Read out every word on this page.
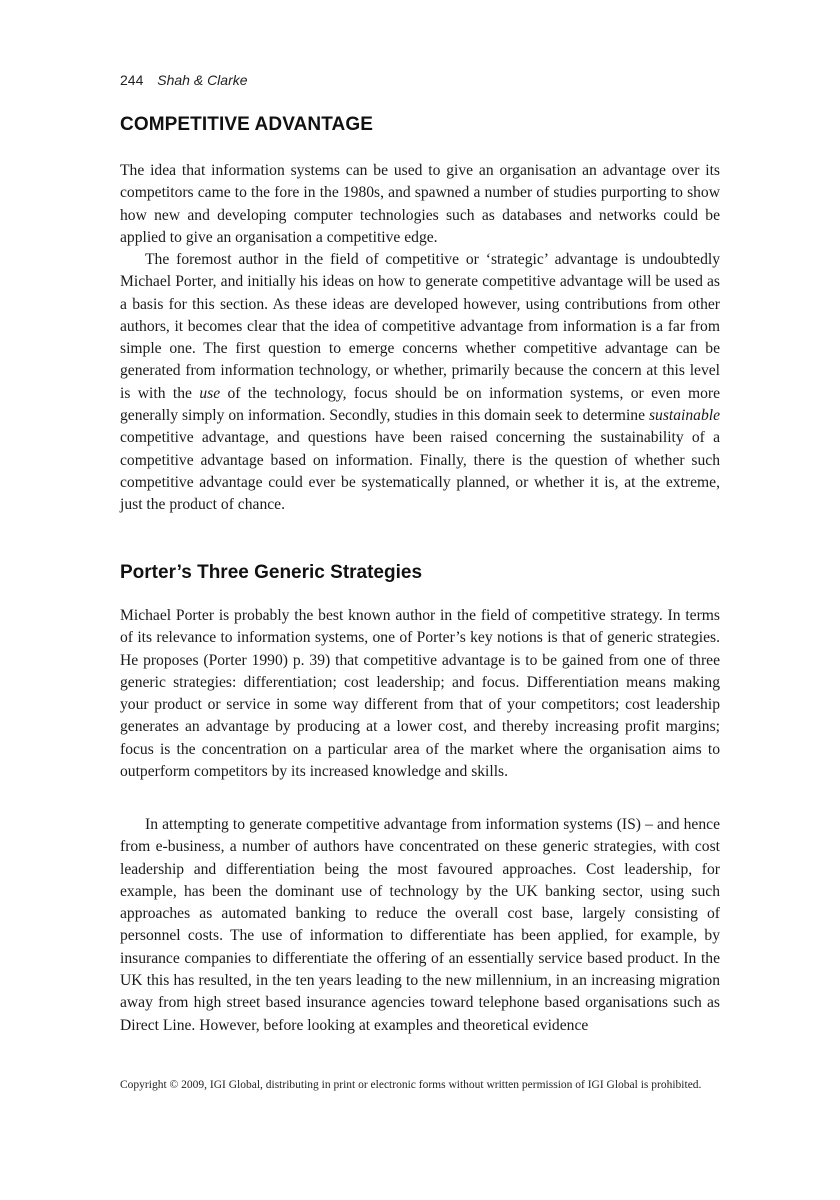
244 Shah & Clarke
COMPETITIVE ADVANTAGE

The idea that information systems can be used to give an organisation an advantage over its competitors came to the fore in the 1980s, and spawned a number of studies purporting to show how new and developing computer technologies such as databases and networks could be applied to give an organisation a competitive edge.

The foremost author in the field of competitive or ‘strategic’ advantage is undoubtedly Michael Porter, and initially his ideas on how to generate competitive advantage will be used as a basis for this section. As these ideas are developed however, using contributions from other authors, it becomes clear that the idea of competitive advantage from information is a far from simple one. The first question to emerge concerns whether competitive advantage can be generated from information technology, or whether, primarily because the concern at this level is with the use of the technology, focus should be on information systems, or even more generally simply on information. Secondly, studies in this domain seek to determine sustainable competitive advantage, and questions have been raised concerning the sustainability of a competitive advantage based on information. Finally, there is the question of whether such competitive advantage could ever be systematically planned, or whether it is, at the extreme, just the product of chance.

Porter’s Three Generic Strategies

Michael Porter is probably the best known author in the field of competitive strategy. In terms of its relevance to information systems, one of Porter’s key notions is that of generic strategies. He proposes (Porter 1990) p. 39) that competitive advantage is to be gained from one of three generic strategies: differentiation; cost leadership; and focus. Differentiation means making your product or service in some way different from that of your competitors; cost leadership generates an advantage by producing at a lower cost, and thereby increasing profit margins; focus is the concentration on a particular area of the market where the organisation aims to outperform competitors by its increased knowledge and skills.

In attempting to generate competitive advantage from information systems (IS) – and hence from e-business, a number of authors have concentrated on these generic strategies, with cost leadership and differentiation being the most favoured approaches. Cost leadership, for example, has been the dominant use of technology by the UK banking sector, using such approaches as automated banking to reduce the overall cost base, largely consisting of personnel costs. The use of information to differentiate has been applied, for example, by insurance companies to differentiate the offering of an essentially service based product. In the UK this has resulted, in the ten years leading to the new millennium, in an increasing migration away from high street based insurance agencies toward telephone based organisations such as Direct Line. However, before looking at examples and theoretical evidence

Copyright © 2009, IGI Global, distributing in print or electronic forms without written permission of IGI Global is prohibited.
